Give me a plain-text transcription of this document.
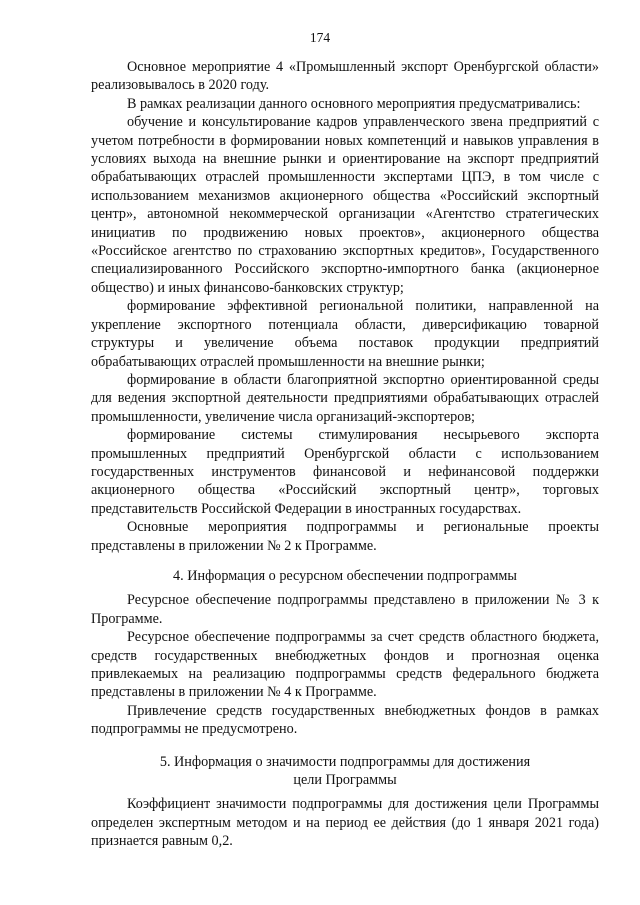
174

Основное мероприятие 4 «Промышленный экспорт Оренбургской области» реализовывалось в 2020 году.

В рамках реализации данного основного мероприятия предусматривались:

обучение и консультирование кадров управленческого звена предприятий с учетом потребности в формировании новых компетенций и навыков управления в условиях выхода на внешние рынки и ориентирование на экспорт предприятий обрабатывающих отраслей промышленности экспертами ЦПЭ, в том числе с использованием механизмов акционерного общества «Российский экспортный центр», автономной некоммерческой организации «Агентство стратегических инициатив по продвижению новых проектов», акционерного общества «Российское агентство по страхованию экспортных кредитов», Государственного специализированного Российского экспортно-импортного банка (акционерное общество) и иных финансово-банковских структур;

формирование эффективной региональной политики, направленной на укрепление экспортного потенциала области, диверсификацию товарной структуры и увеличение объема поставок продукции предприятий обрабатывающих отраслей промышленности на внешние рынки;

формирование в области благоприятной экспортно ориентированной среды для ведения экспортной деятельности предприятиями обрабатывающих отраслей промышленности, увеличение числа организаций-экспортеров;

формирование системы стимулирования несырьевого экспорта промышленных предприятий Оренбургской области с использованием государственных инструментов финансовой и нефинансовой поддержки акционерного общества «Российский экспортный центр», торговых представительств Российской Федерации в иностранных государствах.

Основные мероприятия подпрограммы и региональные проекты представлены в приложении № 2 к Программе.

4. Информация о ресурсном обеспечении подпрограммы

Ресурсное обеспечение подпрограммы представлено в приложении № 3 к Программе.

Ресурсное обеспечение подпрограммы за счет средств областного бюджета, средств государственных внебюджетных фондов и прогнозная оценка привлекаемых на реализацию подпрограммы средств федерального бюджета представлены в приложении № 4 к Программе.

Привлечение средств государственных внебюджетных фондов в рамках подпрограммы не предусмотрено.

5. Информация о значимости подпрограммы для достижения
цели Программы

Коэффициент значимости подпрограммы для достижения цели Программы определен экспертным методом и на период ее действия (до 1 января 2021 года) признается равным 0,2.
